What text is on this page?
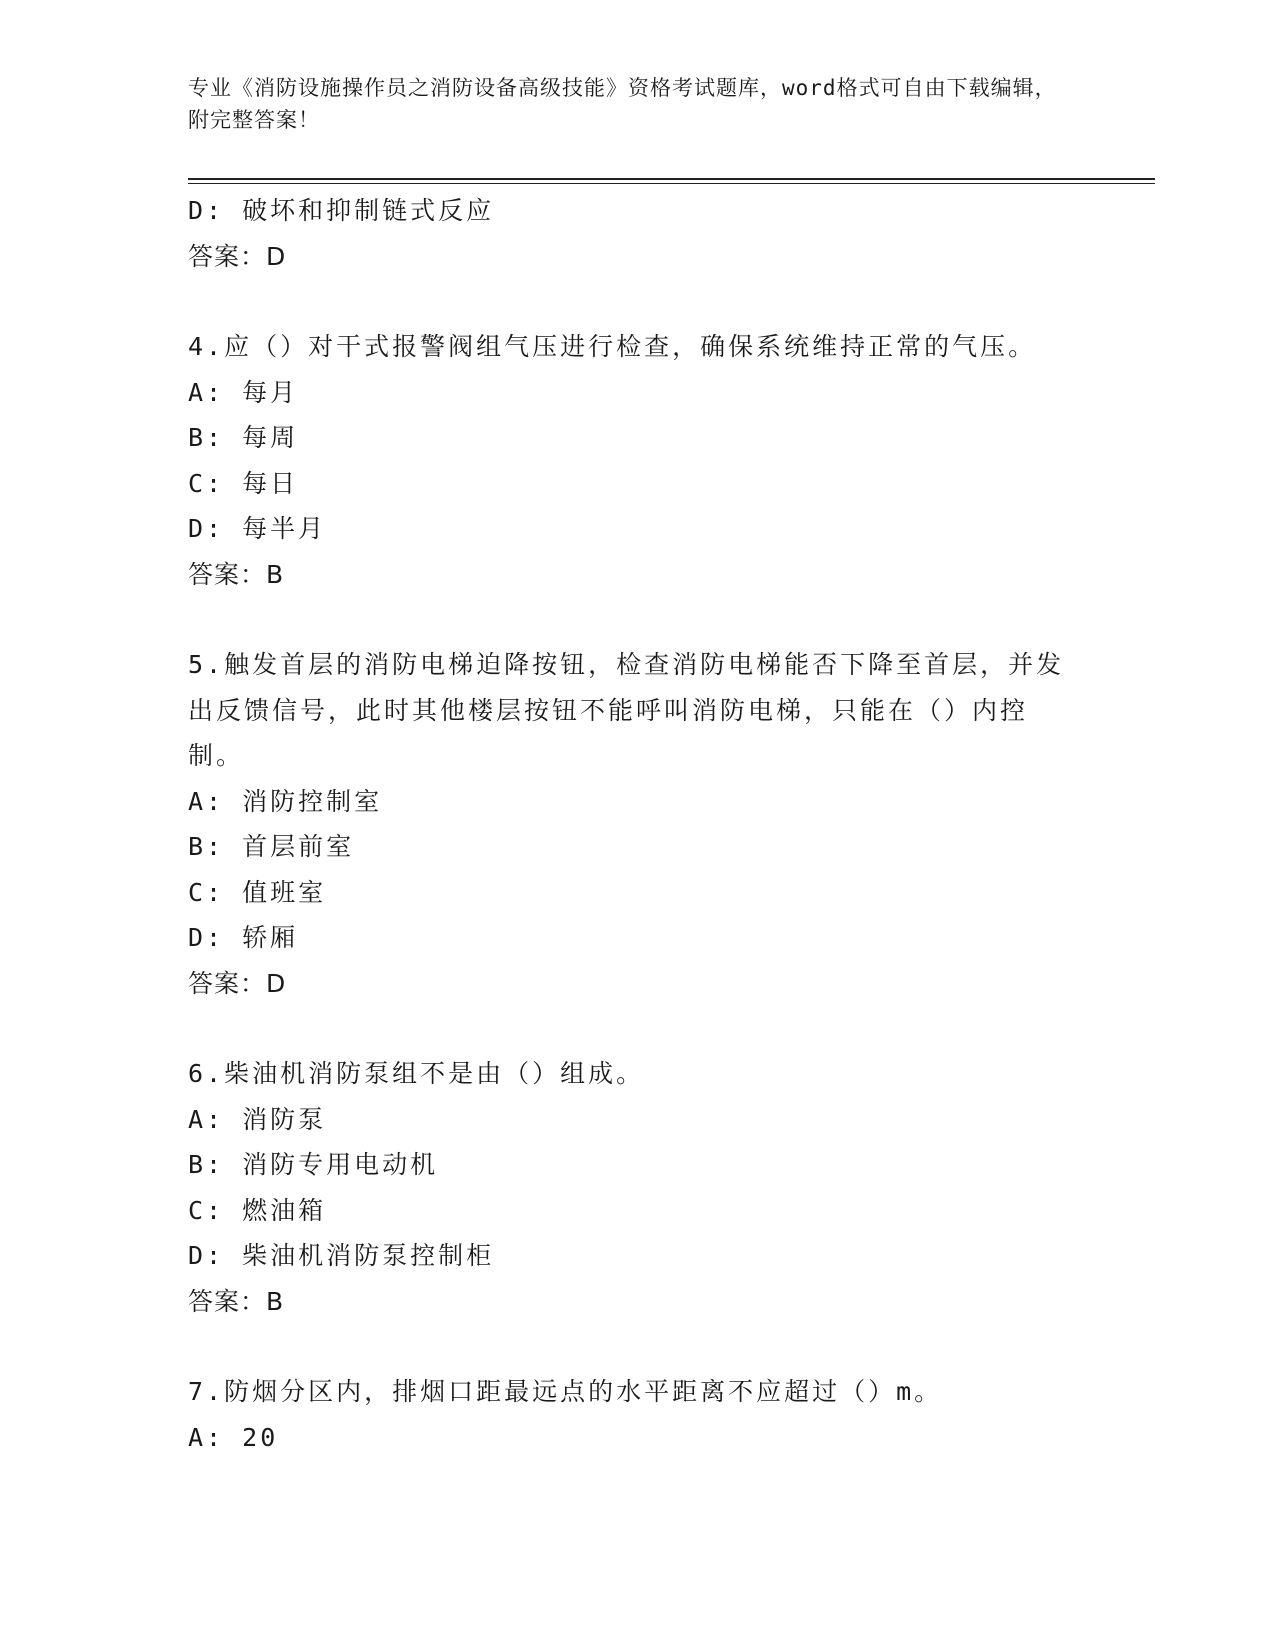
专业《消防设施操作员之消防设备高级技能》资格考试题库，word格式可自由下载编辑，附完整答案！
D: 破坏和抑制链式反应
答案：D
4.应（）对干式报警阀组气压进行检查，确保系统维持正常的气压。
A: 每月
B: 每周
C: 每日
D: 每半月
答案：B
5.触发首层的消防电梯迫降按钮，检查消防电梯能否下降至首层，并发出反馈信号，此时其他楼层按钮不能呼叫消防电梯，只能在（）内控制。
A: 消防控制室
B: 首层前室
C: 值班室
D: 轿厢
答案：D
6.柴油机消防泵组不是由（）组成。
A: 消防泵
B: 消防专用电动机
C: 燃油箱
D: 柴油机消防泵控制柜
答案：B
7.防烟分区内，排烟口距最远点的水平距离不应超过（）m。
A: 20
